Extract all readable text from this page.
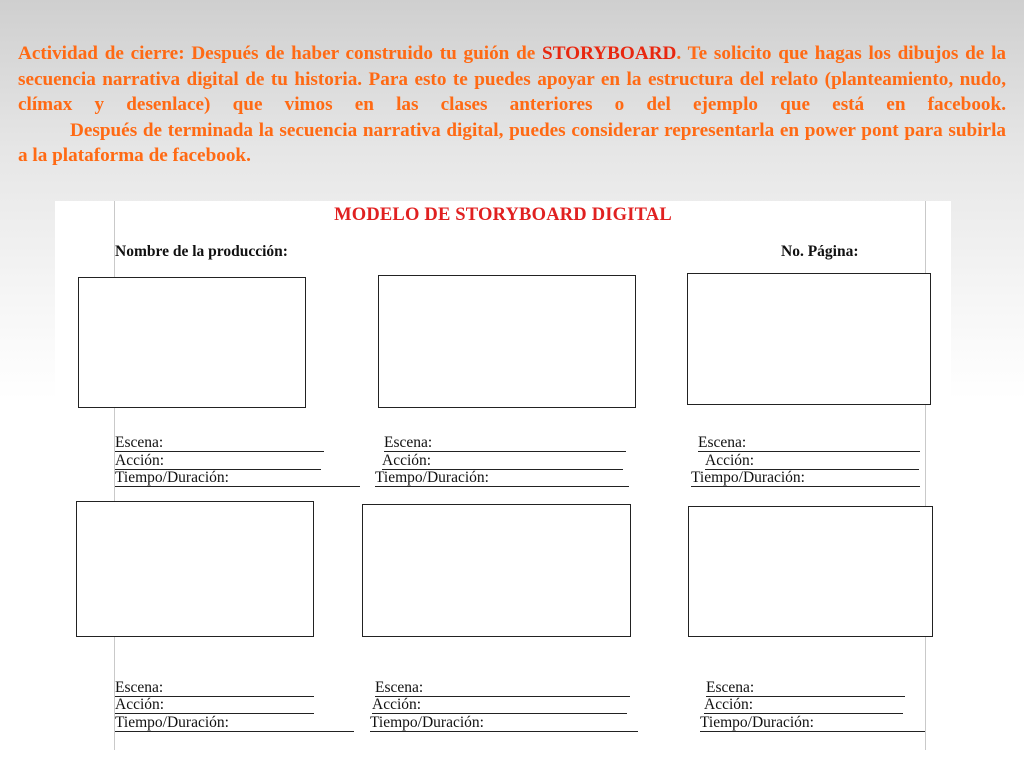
Actividad de cierre: Después de haber construido tu guión de STORYBOARD. Te solicito que hagas los dibujos de la secuencia narrativa digital de tu historia. Para esto te puedes apoyar en la estructura del relato (planteamiento, nudo, clímax y desenlace) que vimos en las clases anteriores o del ejemplo que está en facebook.

Después de terminada la secuencia narrativa digital, puedes considerar representarla en power pont para subirla a la plataforma de facebook.

MODELO DE STORYBOARD DIGITAL
Nombre de la producción:	No. Página:
Escena:
Acción:
Tiempo/Duración:
Escena:
Acción:
Tiempo/Duración:
Escena:
Acción:
Tiempo/Duración:
Escena:
Acción:
Tiempo/Duración:
Escena:
Acción:
Tiempo/Duración:
Escena:
Acción:
Tiempo/Duración:
